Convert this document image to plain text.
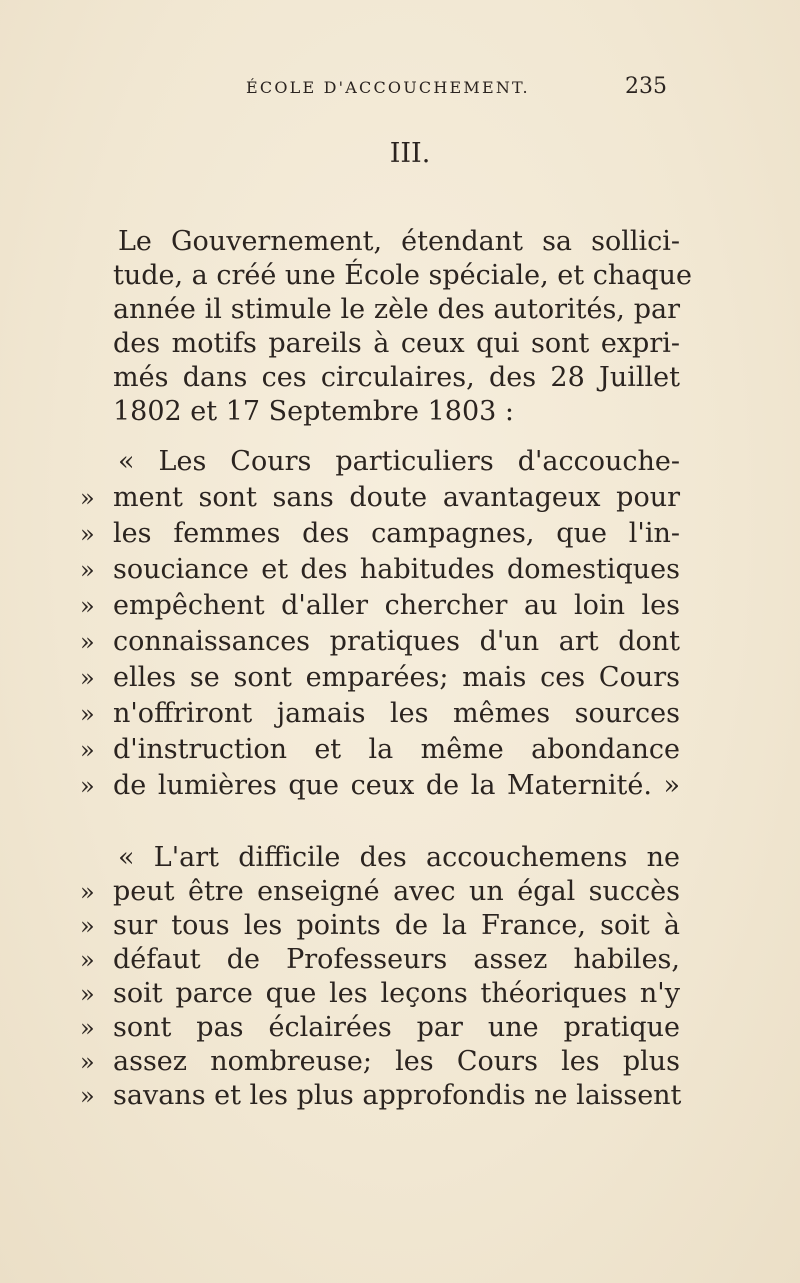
ÉCOLE D'ACCOUCHEMENT.	235
III.
Le Gouvernement, étendant sa sollici-
tude, a créé une École spéciale, et chaque
année il stimule le zèle des autorités, par
des motifs pareils à ceux qui sont expri-
més dans ces circulaires, des 28 Juillet
1802 et 17 Septembre 1803 :
« Les Cours particuliers d'accouche-
» ment sont sans doute avantageux pour
» les femmes des campagnes, que l'in-
» souciance et des habitudes domestiques
» empêchent d'aller chercher au loin les
» connaissances pratiques d'un art dont
» elles se sont emparées; mais ces Cours
» n'offriront jamais les mêmes sources
» d'instruction et la même abondance
» de lumières que ceux de la Maternité. »
« L'art difficile des accouchemens ne
» peut être enseigné avec un égal succès
» sur tous les points de la France, soit à
» défaut de Professeurs assez habiles,
» soit parce que les leçons théoriques n'y
» sont pas éclairées par une pratique
» assez nombreuse; les Cours les plus
» savans et les plus approfondis ne laissent
